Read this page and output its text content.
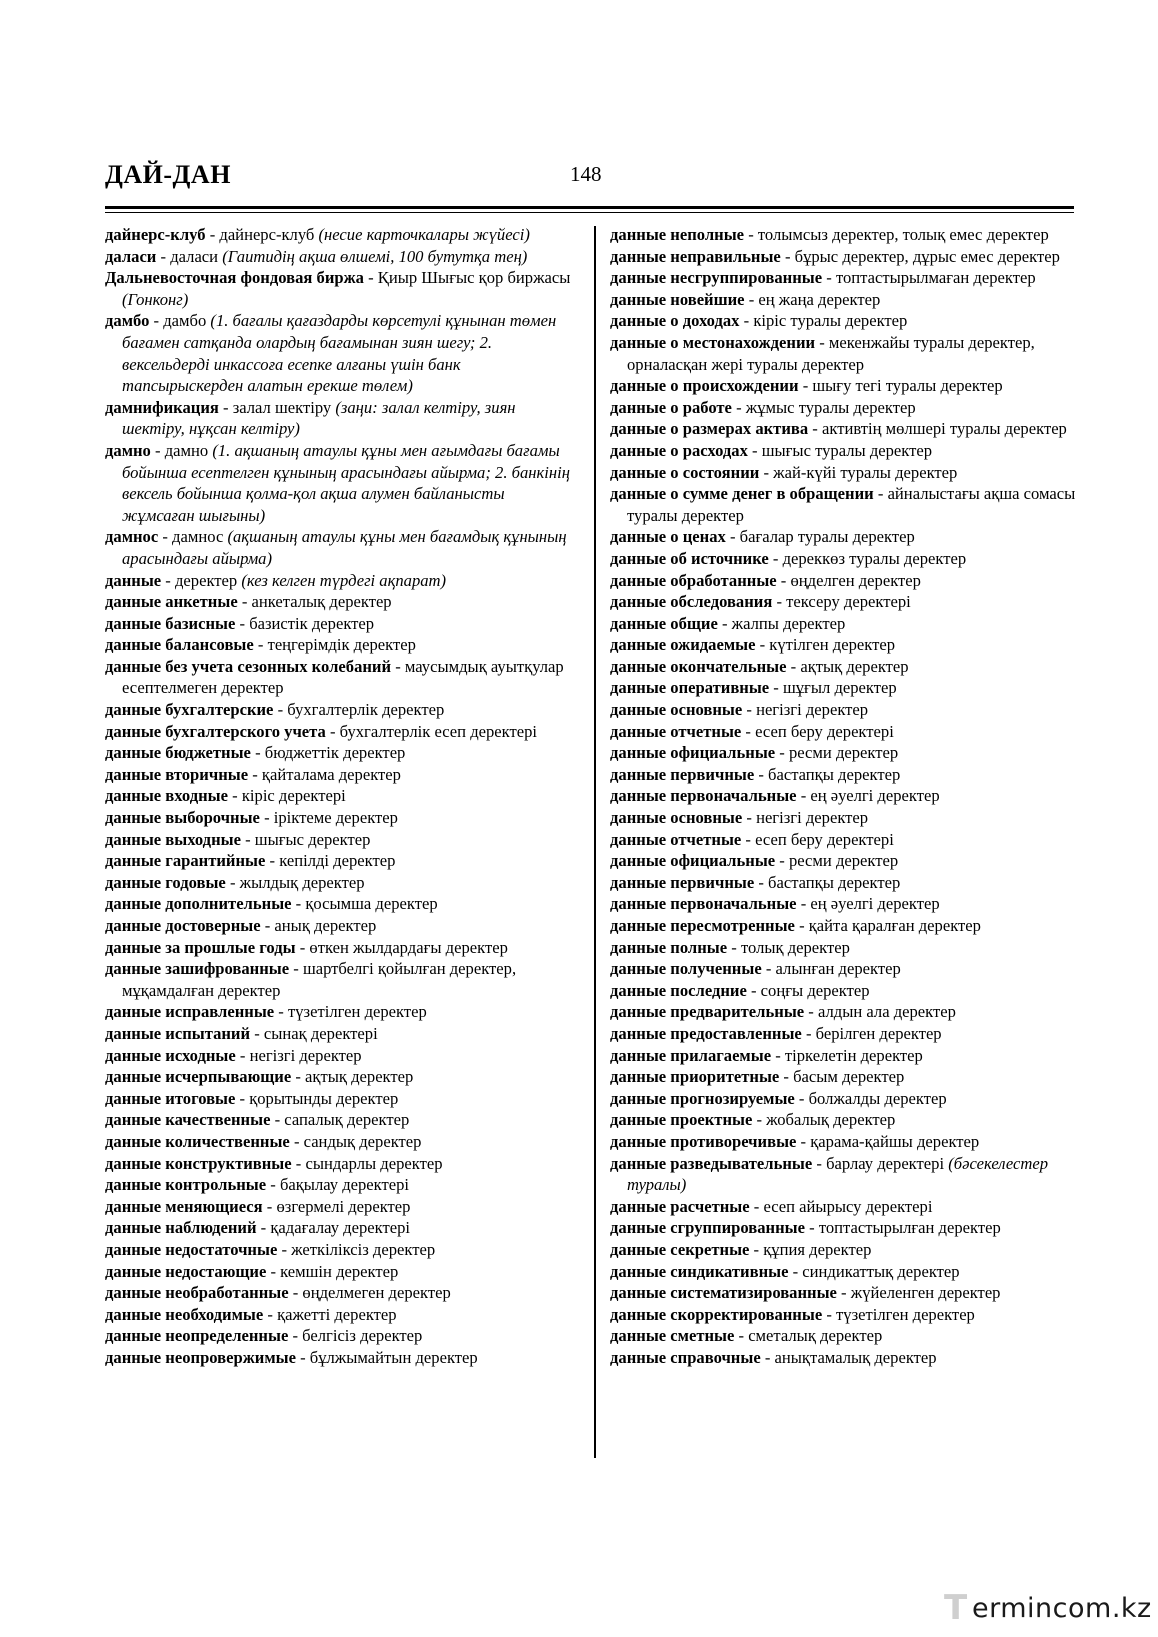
ДАЙ-ДАН	148

дайнерс-клуб - дайнерс-клуб (несие карточкалары жүйесі)

даласи - даласи (Гаитидің ақша өлшемі, 100 бутутқа тең)

Дальневосточная фондовая биржа - Қиыр Шығыс қор биржасы (Гонконг)

дамбо - дамбо (1. бағалы қағаздарды көрсетулі құнынан төмен бағамен сатқанда олардың бағамынан зиян шегу; 2. вексельдерді инкассоға есепке алғаны үшін банк тапсырыскерден алатын ерекше төлем)

дамнификация - залал шектіру (заңи: залал келтіру, зиян шектіру, нұқсан келтіру)

дамно - дамно (1. ақшаның атаулы құны мен ағымдағы бағамы бойынша есептелген құнының арасындағы айырма; 2. банкінің вексель бойынша қолма-қол ақша алумен байланысты жұмсаған шығыны)

дамнос - дамнос (ақшаның атаулы құны мен бағамдық құнының арасындағы айырма)

данные - деректер (кез келген түрдегі ақпарат)

данные анкетные - анкеталық деректер

данные базисные - базистік деректер

данные балансовые - теңгерімдік деректер

данные без учета сезонных колебаний - маусымдық ауытқулар есептелмеген деректер

данные бухгалтерские - бухгалтерлік деректер

данные бухгалтерского учета - бухгалтерлік есеп деректері

данные бюджетные - бюджеттік деректер

данные вторичные - қайталама деректер

данные входные - кіріс деректері

данные выборочные - іріктеме деректер

данные выходные - шығыс деректер

данные гарантийные - кепілді деректер

данные годовые - жылдық деректер

данные дополнительные - қосымша деректер

данные достоверные - анық деректер

данные за прошлые годы - өткен жылдардағы деректер

данные зашифрованные - шартбелгі қойылған деректер, мұқамдалған деректер

данные исправленные - түзетілген деректер

данные испытаний - сынақ деректері

данные исходные - негізгі деректер

данные исчерпывающие - ақтық деректер

данные итоговые - қорытынды деректер

данные качественные - сапалық деректер

данные количественные - сандық деректер

данные конструктивные - сындарлы деректер

данные контрольные - бақылау деректері

данные меняющиеся - өзгермелі деректер

данные наблюдений - қадағалау деректері

данные недостаточные - жеткіліксіз деректер

данные недостающие - кемшін деректер

данные необработанные - өңделмеген деректер

данные необходимые - қажетті деректер

данные неопределенные - белгісіз деректер

данные неопровержимые - бұлжымайтын деректер

данные неполные - толымсыз деректер, толық емес деректер

данные неправильные - бұрыс деректер, дұрыс емес деректер

данные несгруппированные - топтастырылмаған деректер

данные новейшие - ең жаңа деректер

данные о доходах - кіріс туралы деректер

данные о местонахождении - мекенжайы туралы деректер, орналасқан жері туралы деректер

данные о происхождении - шығу тегі туралы деректер

данные о работе - жұмыс туралы деректер

данные о размерах актива - активтің мөлшері туралы деректер

данные о расходах - шығыс туралы деректер

данные о состоянии - жай-күйі туралы деректер

данные о сумме денег в обращении - айналыстағы ақша сомасы туралы деректер

данные о ценах - бағалар туралы деректер

данные об источнике - дереккөз туралы деректер

данные обработанные - өңделген деректер

данные обследования - тексеру деректері

данные общие - жалпы деректер

данные ожидаемые - күтілген деректер

данные окончательные - ақтық деректер

данные оперативные - шұғыл деректер

данные основные - негізгі деректер

данные отчетные - есеп беру деректері

данные официальные - ресми деректер

данные первичные - бастапқы деректер

данные первоначальные - ең әуелгі деректер

данные основные - негізгі деректер

данные отчетные - есеп беру деректері

данные официальные - ресми деректер

данные первичные - бастапқы деректер

данные первоначальные - ең әуелгі деректер

данные пересмотренные - қайта қаралған деректер

данные полные - толық деректер

данные полученные - алынған деректер

данные последние - соңғы деректер

данные предварительные - алдын ала деректер

данные предоставленные - берілген деректер

данные прилагаемые - тіркелетін деректер

данные приоритетные - басым деректер

данные прогнозируемые - болжалды деректер

данные проектные - жобалық деректер

данные противоречивые - қарама-қайшы деректер

данные разведывательные - барлау деректері (бәсекелестер туралы)

данные расчетные - есеп айырысу деректері

данные сгруппированные - топтастырылған деректер

данные секретные - құпия деректер

данные синдикативные - синдикаттық деректер

данные систематизированные - жүйеленген деректер

данные скорректированные - түзетілген деректер

данные сметные - сметалық деректер

данные справочные - анықтамалық деректер

T ermincom.kz
